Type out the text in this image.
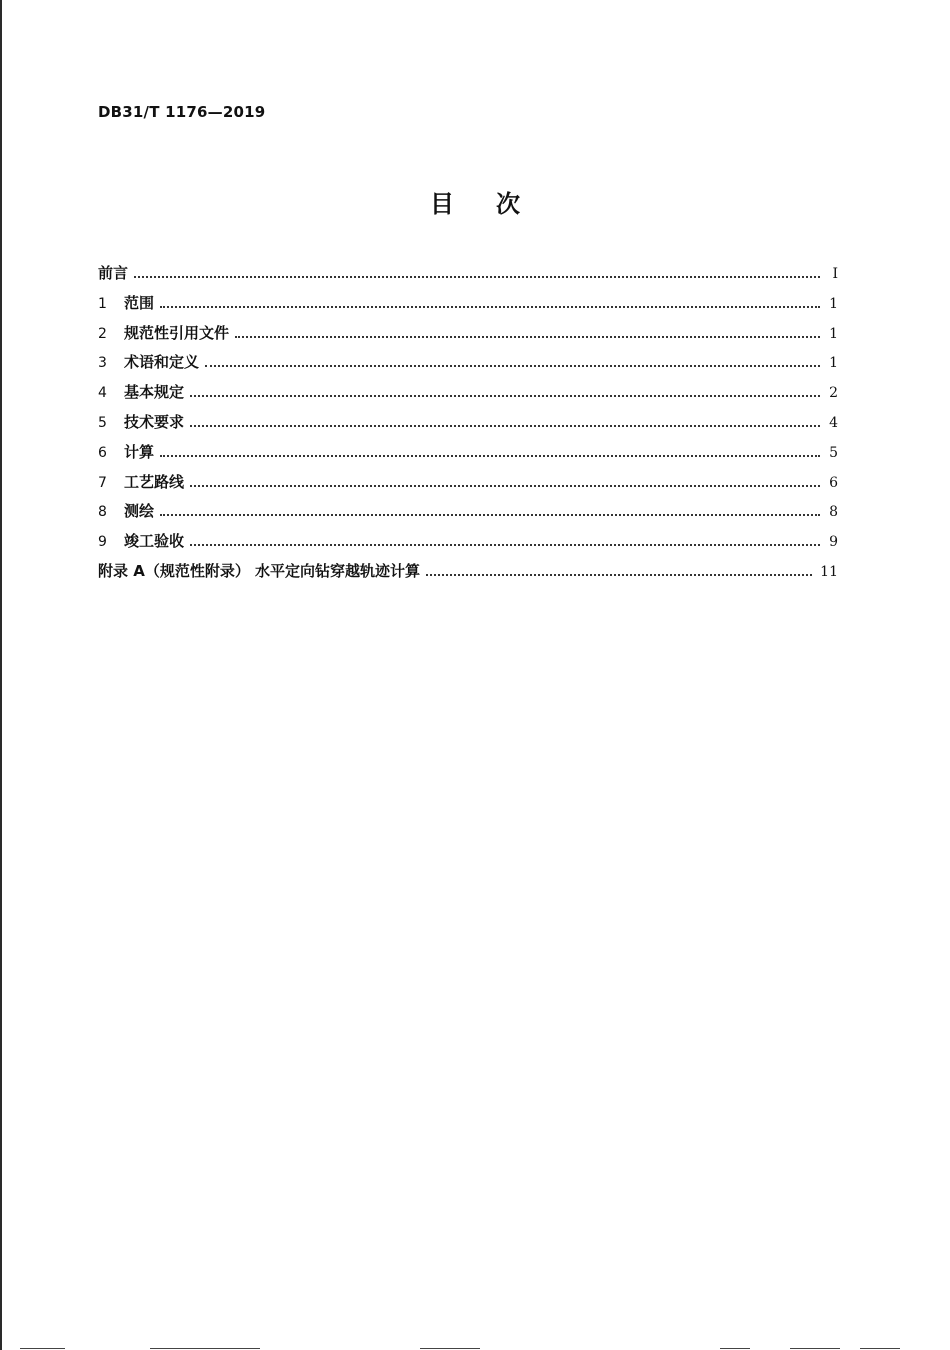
DB31/T 1176—2019
目 次
前言	Ⅰ
1	范围	1
2	规范性引用文件	1
3	术语和定义	1
4	基本规定	2
5	技术要求	4
6	计算	5
7	工艺路线	6
8	测绘	8
9	竣工验收	9
附录 A（规范性附录） 水平定向钻穿越轨迹计算	11
